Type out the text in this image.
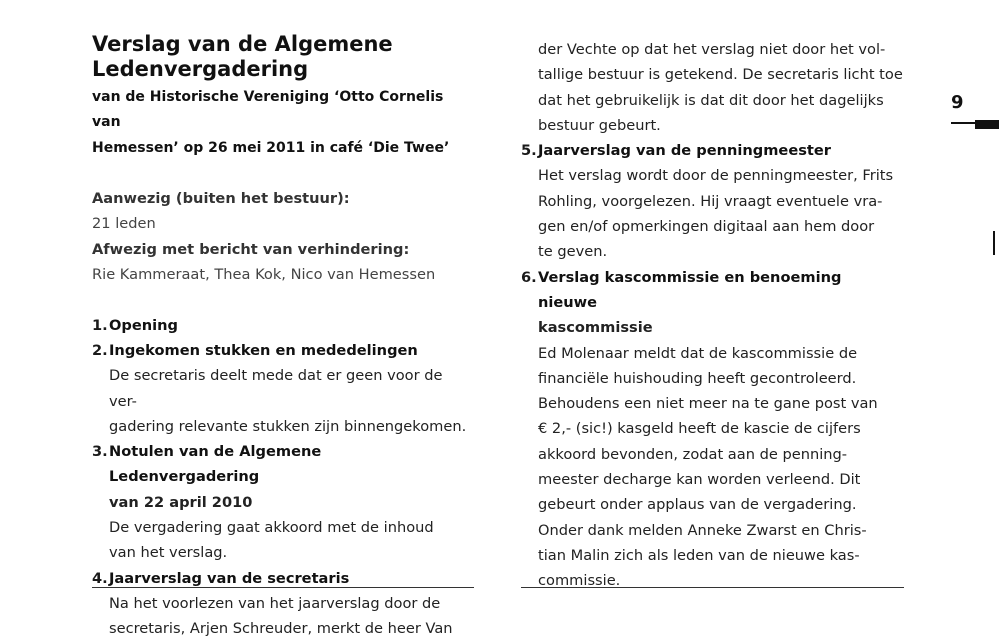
Verslag van de Algemene
Ledenvergadering
van de Historische Vereniging ‘Otto Cornelis van
Hemessen’ op 26 mei 2011 in café ‘Die Twee’
Aanwezig (buiten het bestuur):
21 leden
Afwezig met bericht van verhindering:
Rie Kammeraat, Thea Kok, Nico van Hemessen
1. Opening
2. Ingekomen stukken en mededelingen
De secretaris deelt mede dat er geen voor de ver-
gadering relevante stukken zijn binnengekomen.
3. Notulen van de Algemene Ledenvergadering
van 22 april 2010
De vergadering gaat akkoord met de inhoud
van het verslag.
4. Jaarverslag van de secretaris
Na het voorlezen van het jaarverslag door de
secretaris, Arjen Schreuder, merkt de heer Van
der Vechte op dat het verslag niet door het vol-
tallige bestuur is getekend. De secretaris licht toe
dat het gebruikelijk is dat dit door het dagelijks
bestuur gebeurt.
5. Jaarverslag van de penningmeester
Het verslag wordt door de penningmeester, Frits
Rohling, voorgelezen. Hij vraagt eventuele vra-
gen en/of opmerkingen digitaal aan hem door
te geven.
6. Verslag kascommissie en benoeming nieuwe
kascommissie
Ed Molenaar meldt dat de kascommissie de
financiële huishouding heeft gecontroleerd.
Behoudens een niet meer na te gane post van
€ 2,- (sic!) kasgeld heeft de kascie de cijfers
akkoord bevonden, zodat aan de penning-
meester decharge kan worden verleend. Dit
gebeurt onder applaus van de vergadering.
Onder dank melden Anneke Zwarst en Chris-
tian Malin zich als leden van de nieuwe kas-
commissie.
9
